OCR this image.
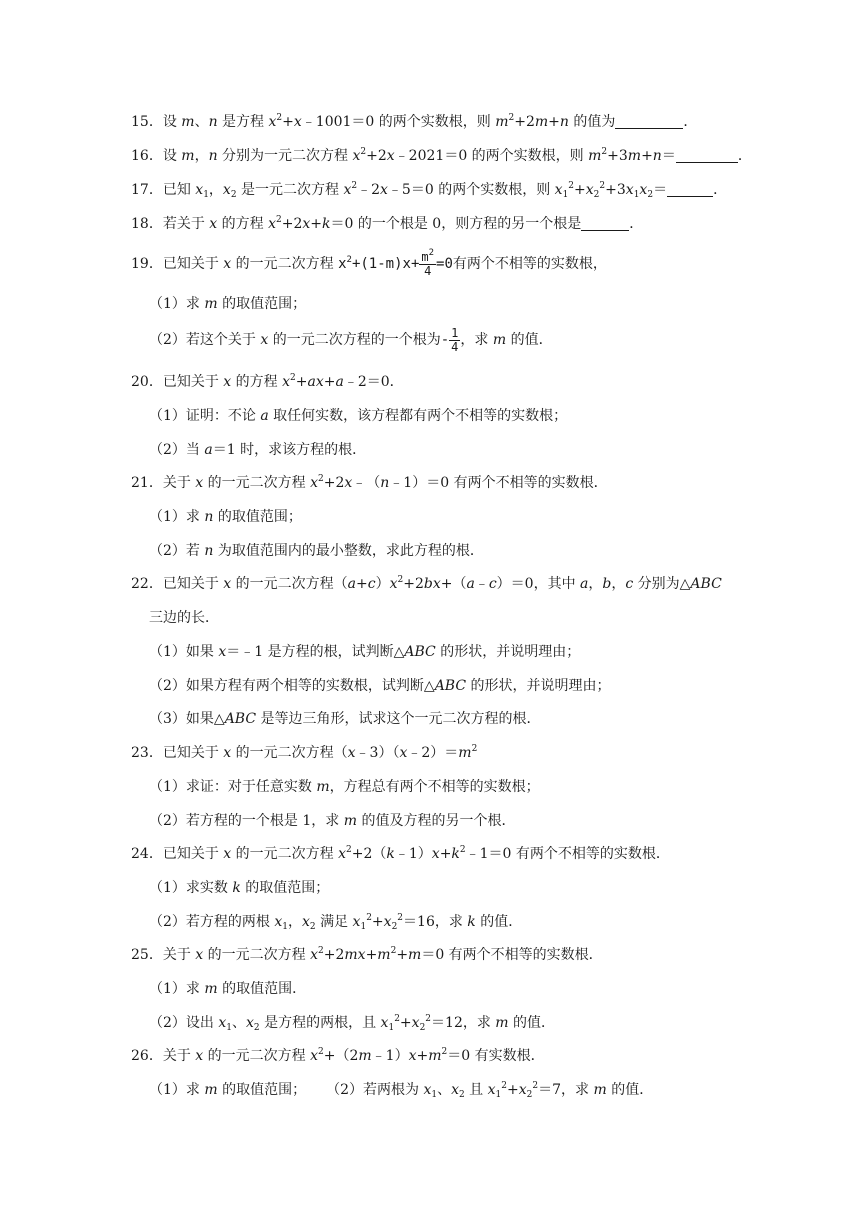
15．设 m、n 是方程 $x^2+x﹣1001=0$ 的两个实数根，则 $m^2+2m+n$ 的值为	．
16．设 m，n 分别为一元二次方程 $x^2+2x﹣2021=0$ 的两个实数根，则 $m^2+3m+n=$	．
17．已知 $x_1$，$x_2$ 是一元二次方程 $x^2﹣2x﹣5=0$ 的两个实数根，则 $x_1^2+x_2^2+3x_1x_2=$	．
18．若关于 x 的方程 $x^2+2x+k=0$ 的一个根是 0，则方程的另一个根是	．
19．已知关于 x 的一元二次方程 $x^2+(1-m)x+ \frac{m^2}{4} =0$有两个不相等的实数根，
（1）求 m 的取值范围；
（2）若这个关于 x 的一元二次方程的一个根为- $\frac{1}{4}$ ，求 m 的值．
20．已知关于 x 的方程 $x^2+ax+a﹣2=0$．
（1）证明：不论 a 取任何实数，该方程都有两个不相等的实数根；
（2）当 a＝1 时，求该方程的根．
21．关于 x 的一元二次方程 $x^2+2x﹣(n﹣1)=0$ 有两个不相等的实数根．
（1）求 n 的取值范围；
（2）若 n 为取值范围内的最小整数，求此方程的根．
22．已知关于 x 的一元二次方程$(a+c)x^2+2bx+(a﹣c)=0$，其中 a，b，c 分别为△ABC
三边的长．
（1）如果 x＝﹣1 是方程的根，试判断△ABC 的形状，并说明理由；
（2）如果方程有两个相等的实数根，试判断△ABC 的形状，并说明理由；
（3）如果△ABC 是等边三角形，试求这个一元二次方程的根．
23．已知关于 x 的一元二次方程$(x﹣3)(x﹣2)=m^2$
（1）求证：对于任意实数 m，方程总有两个不相等的实数根；
（2）若方程的一个根是 1，求 m 的值及方程的另一个根．
24．已知关于 x 的一元二次方程 $x^2+2(k﹣1)x+k^2﹣1=0$ 有两个不相等的实数根．
（1）求实数 k 的取值范围；
（2）若方程的两根 $x_1$，$x_2$ 满足 $x_1^2+x_2^2=16$，求 k 的值．
25．关于 x 的一元二次方程 $x^2+2mx+m^2+m=0$ 有两个不相等的实数根．
（1）求 m 的取值范围．
（2）设出 $x_1$、$x_2$ 是方程的两根，且 $x_1^2+x_2^2=12$，求 m 的值．
26．关于 x 的一元二次方程 $x^2+(2m﹣1)x+m^2=0$ 有实数根．
（1）求 m 的取值范围； （2）若两根为 $x_1$、$x_2$ 且 $x_1^2+x_2^2=7$，求 m 的值．
